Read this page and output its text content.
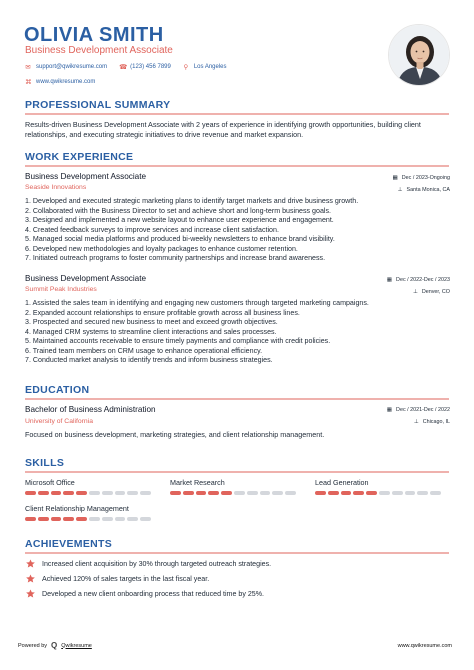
OLIVIA SMITH
Business Development Associate
✉ support@qwikresume.com ☎ (123) 456 7899 ⚲ Los Angeles
⌘ www.qwikresume.com
PROFESSIONAL SUMMARY
Results-driven Business Development Associate with 2 years of experience in identifying growth opportunities, building client relationships, and executing strategic initiatives to drive revenue and market expansion.
WORK EXPERIENCE
Business Development Associate	▦ Dec / 2023-Ongoing
Seaside Innovations	⊥ Santa Monica, CA
1. Developed and executed strategic marketing plans to identify target markets and drive business growth.
2. Collaborated with the Business Director to set and achieve short and long-term business goals.
3. Designed and implemented a new website layout to enhance user experience and engagement.
4. Created feedback surveys to improve services and increase client satisfaction.
5. Managed social media platforms and produced bi-weekly newsletters to enhance brand visibility.
6. Developed new methodologies and loyalty packages to enhance customer retention.
7. Initiated outreach programs to foster community partnerships and increase brand awareness.
Business Development Associate	▦ Dec / 2022-Dec / 2023
Summit Peak Industries	⊥ Denver, CO
1. Assisted the sales team in identifying and engaging new customers through targeted marketing campaigns.
2. Expanded account relationships to ensure profitable growth across all business lines.
3. Prospected and secured new business to meet and exceed growth objectives.
4. Managed CRM systems to streamline client interactions and sales processes.
5. Maintained accounts receivable to ensure timely payments and compliance with credit policies.
6. Trained team members on CRM usage to enhance operational efficiency.
7. Conducted market analysis to identify trends and inform business strategies.
EDUCATION
Bachelor of Business Administration	▦ Dec / 2021-Dec / 2022
University of California	⊥ Chicago, IL
Focused on business development, marketing strategies, and client relationship management.
SKILLS
Microsoft Office	Market Research	Lead Generation
Client Relationship Management
ACHIEVEMENTS
Increased client acquisition by 30% through targeted outreach strategies.
Achieved 120% of sales targets in the last fiscal year.
Developed a new client onboarding process that reduced time by 25%.
Powered by Q Qwikresume	www.qwikresume.com
